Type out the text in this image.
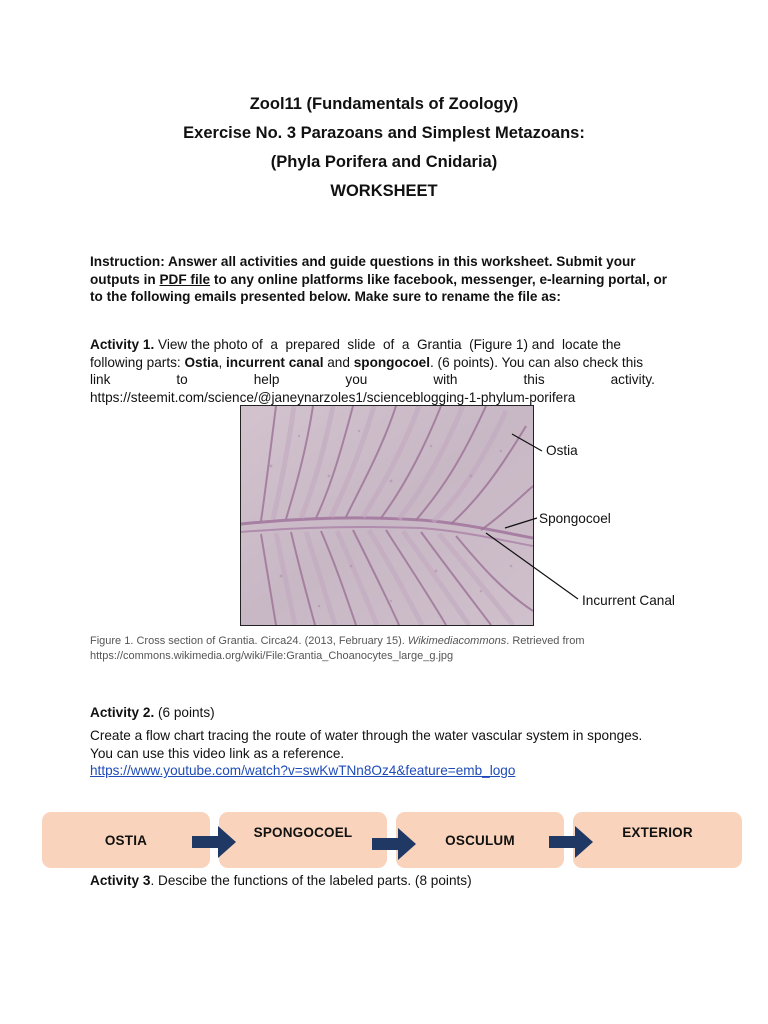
Zool11 (Fundamentals of Zoology)
Exercise No. 3 Parazoans and Simplest Metazoans:
(Phyla Porifera and Cnidaria)
WORKSHEET
Instruction: Answer all activities and guide questions in this worksheet. Submit your
outputs in PDF file to any online platforms like facebook, messenger, e-learning portal, or
to the following emails presented below. Make sure to rename the file as:
Activity 1. View the photo of  a  prepared  slide  of  a  Grantia  (Figure 1) and  locate the
following parts: Ostia, incurrent canal and spongocoel. (6 points). You can also check this
link	to	help	you	with	this	activity.
https://steemit.com/science/@janeynarzoles1/scienceblogging-1-phylum-porifera
Ostia
Spongocoel
Incurrent Canal
Figure 1. Cross section of Grantia. Circa24. (2013, February 15). Wikimediacommons. Retrieved from
https://commons.wikimedia.org/wiki/File:Grantia_Choanocytes_large_g.jpg
Activity 2. (6 points)
Create a flow chart tracing the route of water through the water vascular system in sponges.
You can use this video link as a reference.
https://www.youtube.com/watch?v=swKwTNn8Oz4&feature=emb_logo
OSTIA
SPONGOCOEL
OSCULUM
EXTERIOR
Activity 3. Descibe the functions of the labeled parts. (8 points)
